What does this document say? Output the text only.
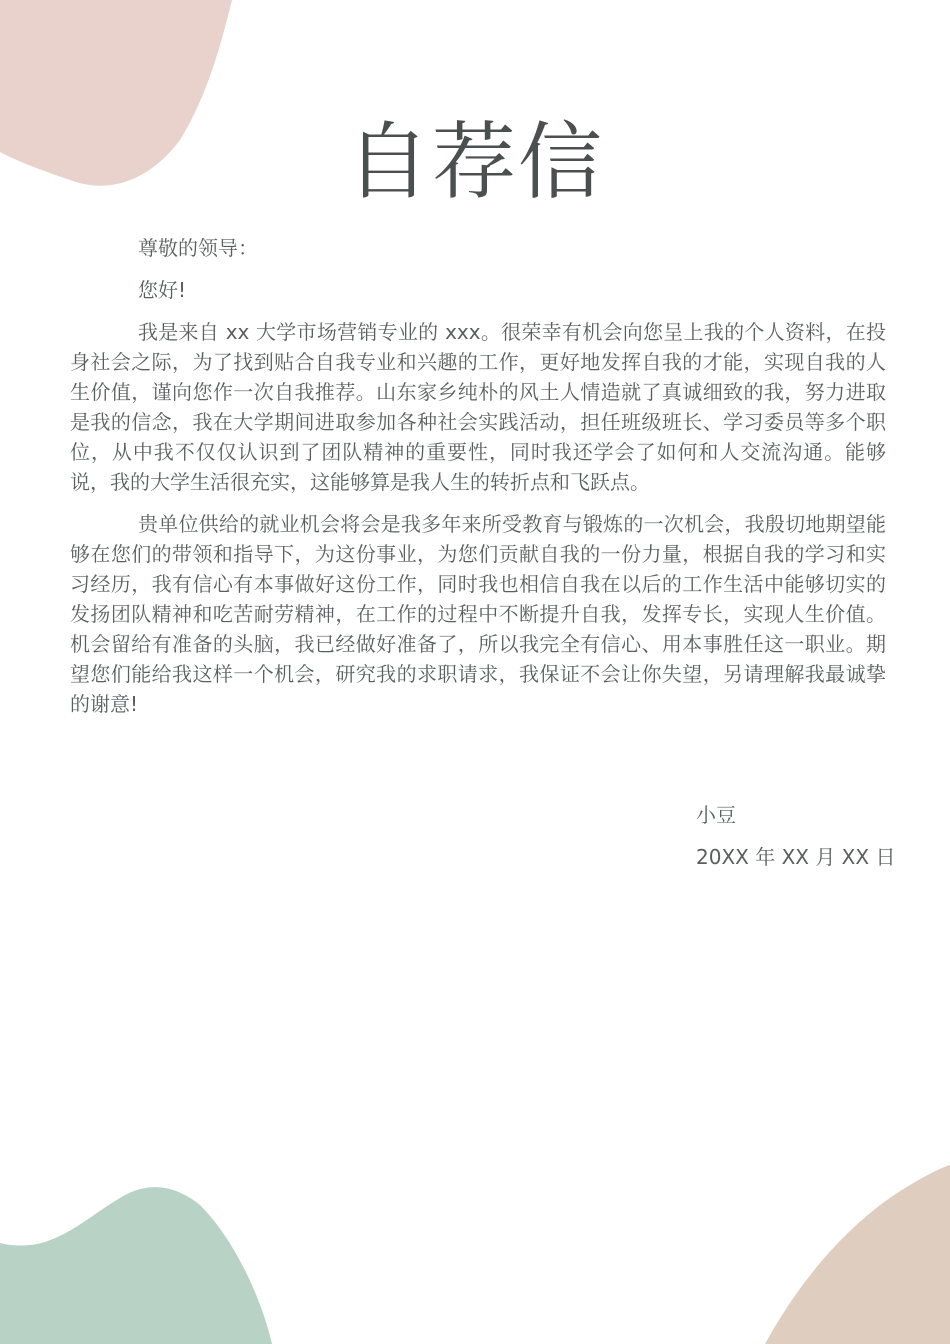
自荐信

尊敬的领导：

您好!

我是来自 xx 大学市场营销专业的 xxx。很荣幸有机会向您呈上我的个人资料，在投身社会之际，为了找到贴合自我专业和兴趣的工作，更好地发挥自我的才能，实现自我的人生价值，谨向您作一次自我推荐。山东家乡纯朴的风土人情造就了真诚细致的我，努力进取是我的信念，我在大学期间进取参加各种社会实践活动，担任班级班长、学习委员等多个职位，从中我不仅仅认识到了团队精神的重要性，同时我还学会了如何和人交流沟通。能够说，我的大学生活很充实，这能够算是我人生的转折点和飞跃点。

贵单位供给的就业机会将会是我多年来所受教育与锻炼的一次机会，我殷切地期望能够在您们的带领和指导下，为这份事业，为您们贡献自我的一份力量，根据自我的学习和实习经历，我有信心有本事做好这份工作，同时我也相信自我在以后的工作生活中能够切实的发扬团队精神和吃苦耐劳精神，在工作的过程中不断提升自我，发挥专长，实现人生价值。机会留给有准备的头脑，我已经做好准备了，所以我完全有信心、用本事胜任这一职业。期望您们能给我这样一个机会，研究我的求职请求，我保证不会让你失望，另请理解我最诚挚的谢意!

小豆
20XX 年 XX 月 XX 日
